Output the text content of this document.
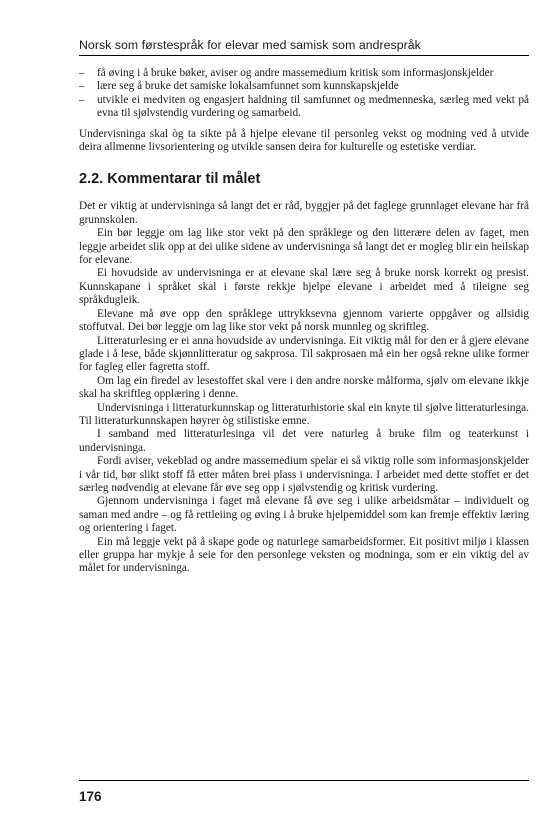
Norsk som førstespråk for elevar med samisk som andrespråk
– få øving i å bruke bøker, aviser og andre massemedium kritisk som informasjonskjelder
– lære seg å bruke det samiske lokalsamfunnet som kunnskapskjelde
– utvikle ei medviten og engasjert haldning til samfunnet og medmenneska, særleg med vekt på evna til sjølvstendig vurdering og samarbeid.

Undervisninga skal òg ta sikte på å hjelpe elevane til personleg vekst og modning ved å utvide deira allmenne livsorientering og utvikle sansen deira for kulturelle og estetiske verdiar.

2.2. Kommentarar til målet

Det er viktig at undervisninga så langt det er råd, byggjer på det faglege grunnlaget elevane har frå grunnskolen.

Ein bør leggje om lag like stor vekt på den språklege og den litterære delen av faget, men leggje arbeidet slik opp at dei ulike sidene av undervisninga så langt det er mogleg blir ein heilskap for elevane.

Ei hovudside av undervisninga er at elevane skal lære seg å bruke norsk korrekt og presist. Kunnskapane i språket skal i første rekkje hjelpe elevane i arbeidet med å tileigne seg språkdugleik.

Elevane må øve opp den språklege uttrykksevna gjennom varierte oppgåver og allsidig stoffutval. Dei bør leggje om lag like stor vekt på norsk munnleg og skriftleg.

Litteraturlesing er ei anna hovudside av undervisninga. Eit viktig mål for den er å gjere elevane glade i å lese, både skjønnlitteratur og sakprosa. Til sakprosaen må ein her også rekne ulike former for fagleg eller fagretta stoff.

Om lag ein firedel av lesestoffet skal vere i den andre norske målforma, sjølv om elevane ikkje skal ha skriftleg opplæring i denne.

Undervisninga i litteraturkunnskap og litteraturhistorie skal ein knyte til sjølve litteraturlesinga. Til litteraturkunnskapen høyrer òg stilistiske emne.

I samband med litteraturlesinga vil det vere naturleg å bruke film og teaterkunst i undervisninga.

Fordi aviser, vekeblad og andre massemedium spelar ei så viktig rolle som informasjonskjelder i vår tid, bør slikt stoff få etter måten brei plass i undervisninga. I arbeidet med dette stoffet er det særleg nødvendig at elevane får øve seg opp i sjølvstendig og kritisk vurdering.

Gjennom undervisninga i faget må elevane få øve seg i ulike arbeidsmåtar – individuelt og saman med andre – og få rettleiing og øving i å bruke hjelpemiddel som kan fremje effektiv læring og orientering i faget.

Ein må leggje vekt på å skape gode og naturlege samarbeidsformer. Eit positivt miljø i klassen eller gruppa har mykje å seie for den personlege veksten og modninga, som er ein viktig del av målet for undervisninga.

176
